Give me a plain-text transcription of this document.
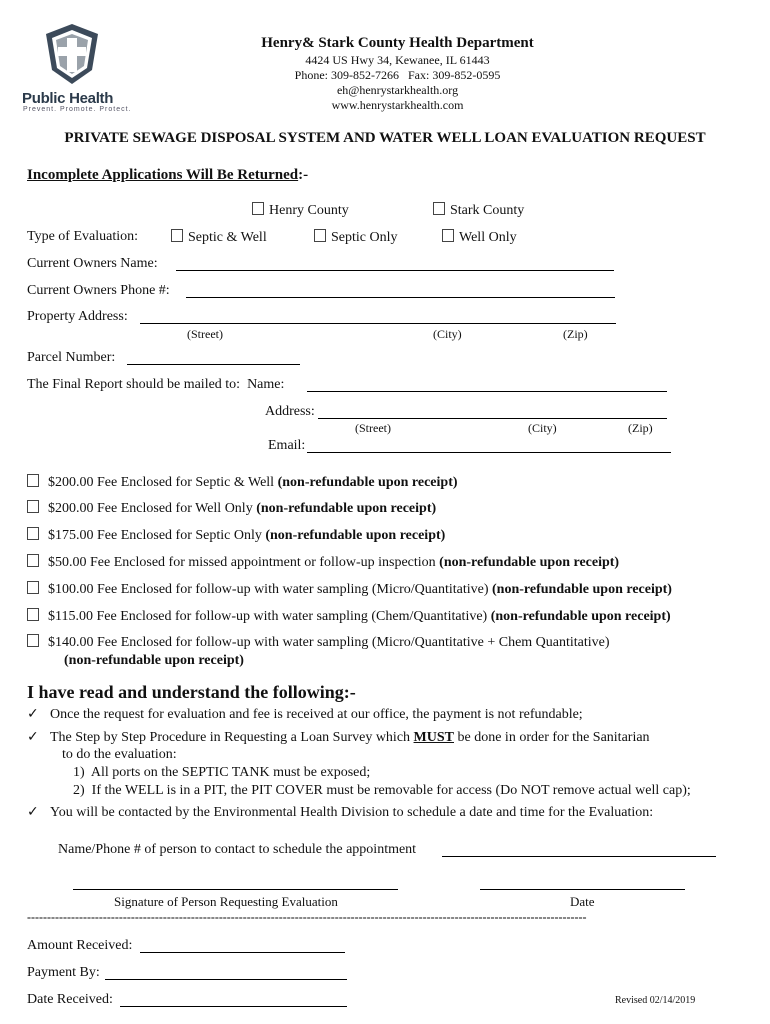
Public Health
Prevent. Promote. Protect.
Henry& Stark County Health Department
4424 US Hwy 34, Kewanee, IL 61443
Phone: 309-852-7266   Fax: 309-852-0595
eh@henrystarkhealth.org
www.henrystarkhealth.com
PRIVATE SEWAGE DISPOSAL SYSTEM AND WATER WELL LOAN EVALUATION REQUEST
Incomplete Applications Will Be Returned:-
Henry County	Stark County
Type of Evaluation:	Septic & Well	Septic Only	Well Only
Current Owners Name:
Current Owners Phone #:
Property Address:
(Street)	(City)	(Zip)
Parcel Number:
The Final Report should be mailed to:  Name:
Address:
(Street)	(City)	(Zip)
Email:
$200.00 Fee Enclosed for Septic & Well (non-refundable upon receipt)
$200.00 Fee Enclosed for Well Only (non-refundable upon receipt)
$175.00 Fee Enclosed for Septic Only (non-refundable upon receipt)
$50.00 Fee Enclosed for missed appointment or follow-up inspection (non-refundable upon receipt)
$100.00 Fee Enclosed for follow-up with water sampling (Micro/Quantitative) (non-refundable upon receipt)
$115.00 Fee Enclosed for follow-up with water sampling (Chem/Quantitative) (non-refundable upon receipt)
$140.00 Fee Enclosed for follow-up with water sampling (Micro/Quantitative + Chem Quantitative)
(non-refundable upon receipt)
I have read and understand the following:-
✓ Once the request for evaluation and fee is received at our office, the payment is not refundable;
✓ The Step by Step Procedure in Requesting a Loan Survey which MUST be done in order for the Sanitarian
to do the evaluation:
1)  All ports on the SEPTIC TANK must be exposed;
2)  If the WELL is in a PIT, the PIT COVER must be removable for access (Do NOT remove actual well cap);
✓ You will be contacted by the Environmental Health Division to schedule a date and time for the Evaluation:
Name/Phone # of person to contact to schedule the appointment
Signature of Person Requesting Evaluation	Date
--------------------------------------------------------------------------------------------------------------------------------------------
Amount Received:
Payment By:
Date Received:	Revised 02/14/2019
